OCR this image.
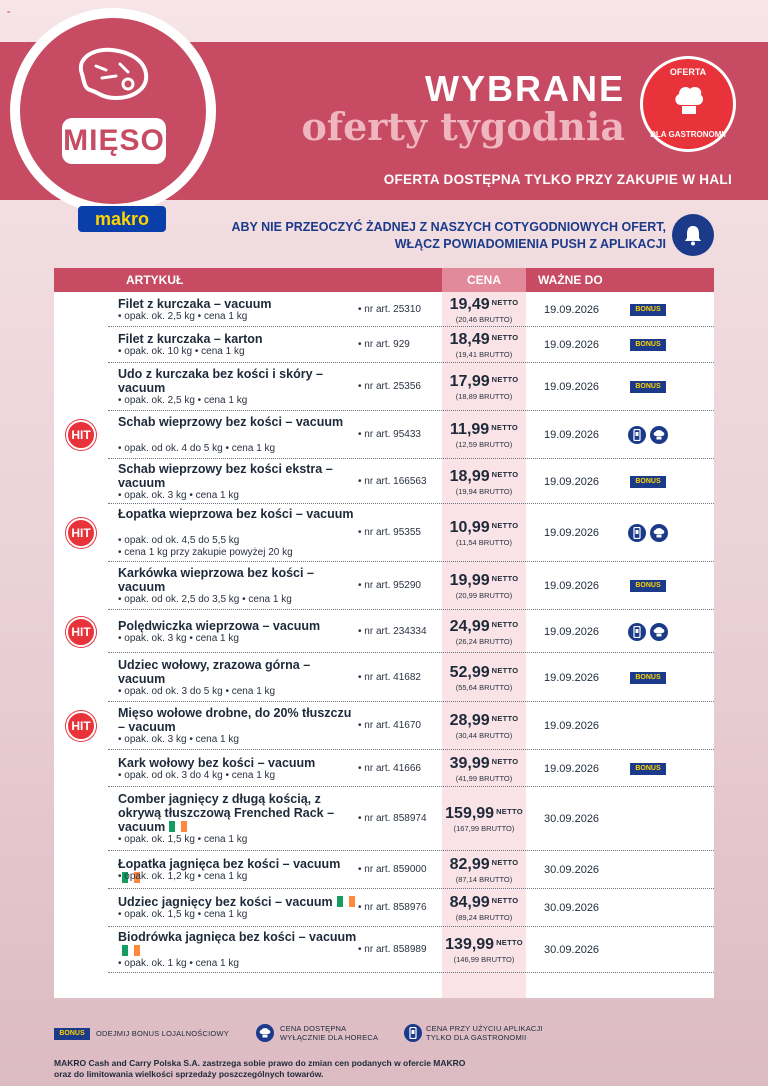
=
MIĘSO
makro
WYBRANE
oferty tygodnia
OFERTA
DLA GASTRONOMII
OFERTA DOSTĘPNA TYLKO PRZY ZAKUPIE W HALI
ABY NIE PRZEOCZYĆ ŻADNEJ Z NASZYCH COTYGODNIOWYCH OFERT,
WŁĄCZ POWIADOMIENIA PUSH Z APLIKACJI
ARTYKUŁ	CENA	WAŻNE DO
Filet z kurczaka – vacuum
• opak. ok. 2,5 kg • cena 1 kg
• nr art. 25310	19,49 $^{NETTO}$
(20,46 BRUTTO)
19.09.2026	BONUS
Filet z kurczaka – karton
• opak. ok. 10 kg • cena 1 kg
• nr art. 929	18,49 $^{NETTO}$
(19,41 BRUTTO)
19.09.2026	BONUS
Udo z kurczaka bez kości i skóry – vacuum
• opak. ok. 2,5 kg • cena 1 kg
• nr art. 25356	17,99 $^{NETTO}$
(18,89 BRUTTO)
19.09.2026	BONUS
HIT
Schab wieprzowy bez kości – vacuum
• opak. od ok. 4 do 5 kg • cena 1 kg
• nr art. 95433	11,99 $^{NETTO}$
(12,59 BRUTTO)
19.09.2026
Schab wieprzowy bez kości ekstra – vacuum
• opak. ok. 3 kg • cena 1 kg
• nr art. 166563	18,99 $^{NETTO}$
(19,94 BRUTTO)
19.09.2026	BONUS
HIT
Łopatka wieprzowa bez kości – vacuum
• opak. od ok. 4,5 do 5,5 kg
• cena 1 kg przy zakupie powyżej 20 kg
• nr art. 95355	10,99 $^{NETTO}$
(11,54 BRUTTO)
19.09.2026
Karkówka wieprzowa bez kości – vacuum
• opak. od ok. 2,5 do 3,5 kg • cena 1 kg
• nr art. 95290	19,99 $^{NETTO}$
(20,99 BRUTTO)
19.09.2026	BONUS
HIT	Polędwiczka wieprzowa – vacuum
• opak. ok. 3 kg • cena 1 kg
• nr art. 234334	24,99 $^{NETTO}$
(26,24 BRUTTO)
19.09.2026
Udziec wołowy, zrazowa górna – vacuum
• opak. od ok. 3 do 5 kg • cena 1 kg
• nr art. 41682	52,99 $^{NETTO}$
(55,64 BRUTTO)
19.09.2026	BONUS
HIT
Mięso wołowe drobne, do 20% tłuszczu – vacuum
• opak. ok. 3 kg • cena 1 kg
• nr art. 41670	28,99 $^{NETTO}$
(30,44 BRUTTO)
19.09.2026
Kark wołowy bez kości – vacuum
• opak. od ok. 3 do 4 kg • cena 1 kg
• nr art. 41666	39,99 $^{NETTO}$
(41,99 BRUTTO)
19.09.2026	BONUS
Comber jagnięcy z długą kością, z okrywą tłuszczową Frenched Rack – vacuum
• opak. ok. 1,5 kg • cena 1 kg
• nr art. 858974	159,99 $^{NETTO}$
(167,99 BRUTTO)
30.09.2026
Łopatka jagnięca bez kości – vacuum
• opak. ok. 1,2 kg • cena 1 kg
• nr art. 859000	82,99 $^{NETTO}$
(87,14 BRUTTO)
30.09.2026
Udziec jagnięcy bez kości – vacuum
• opak. ok. 1,5 kg • cena 1 kg
• nr art. 858976	84,99 $^{NETTO}$
(89,24 BRUTTO)
30.09.2026
Biodrówka jagnięca bez kości – vacuum
• opak. ok. 1 kg • cena 1 kg
• nr art. 858989	139,99 $^{NETTO}$
(146,99 BRUTTO)
30.09.2026
BONUS	ODEJMIJ BONUS LOJALNOŚCIOWY
CENA DOSTĘPNA
WYŁĄCZNIE DLA HORECA
CENA PRZY UŻYCIU APLIKACJI
TYLKO DLA GASTRONOMII
MAKRO Cash and Carry Polska S.A. zastrzega sobie prawo do zmian cen podanych w ofercie MAKRO
oraz do limitowania wielkości sprzedaży poszczególnych towarów.
